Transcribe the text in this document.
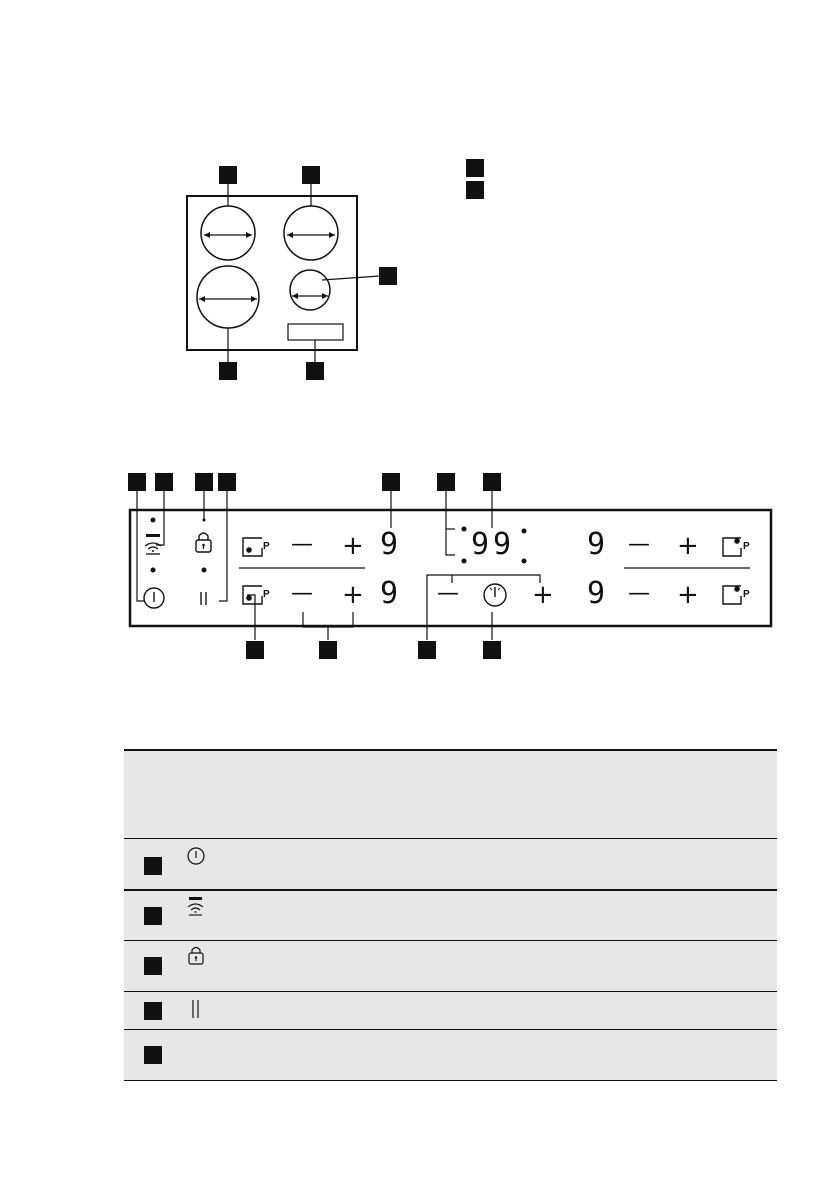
P
P
P
P
— +
— +	—	+
— +
— +
9
9
99 9
9
